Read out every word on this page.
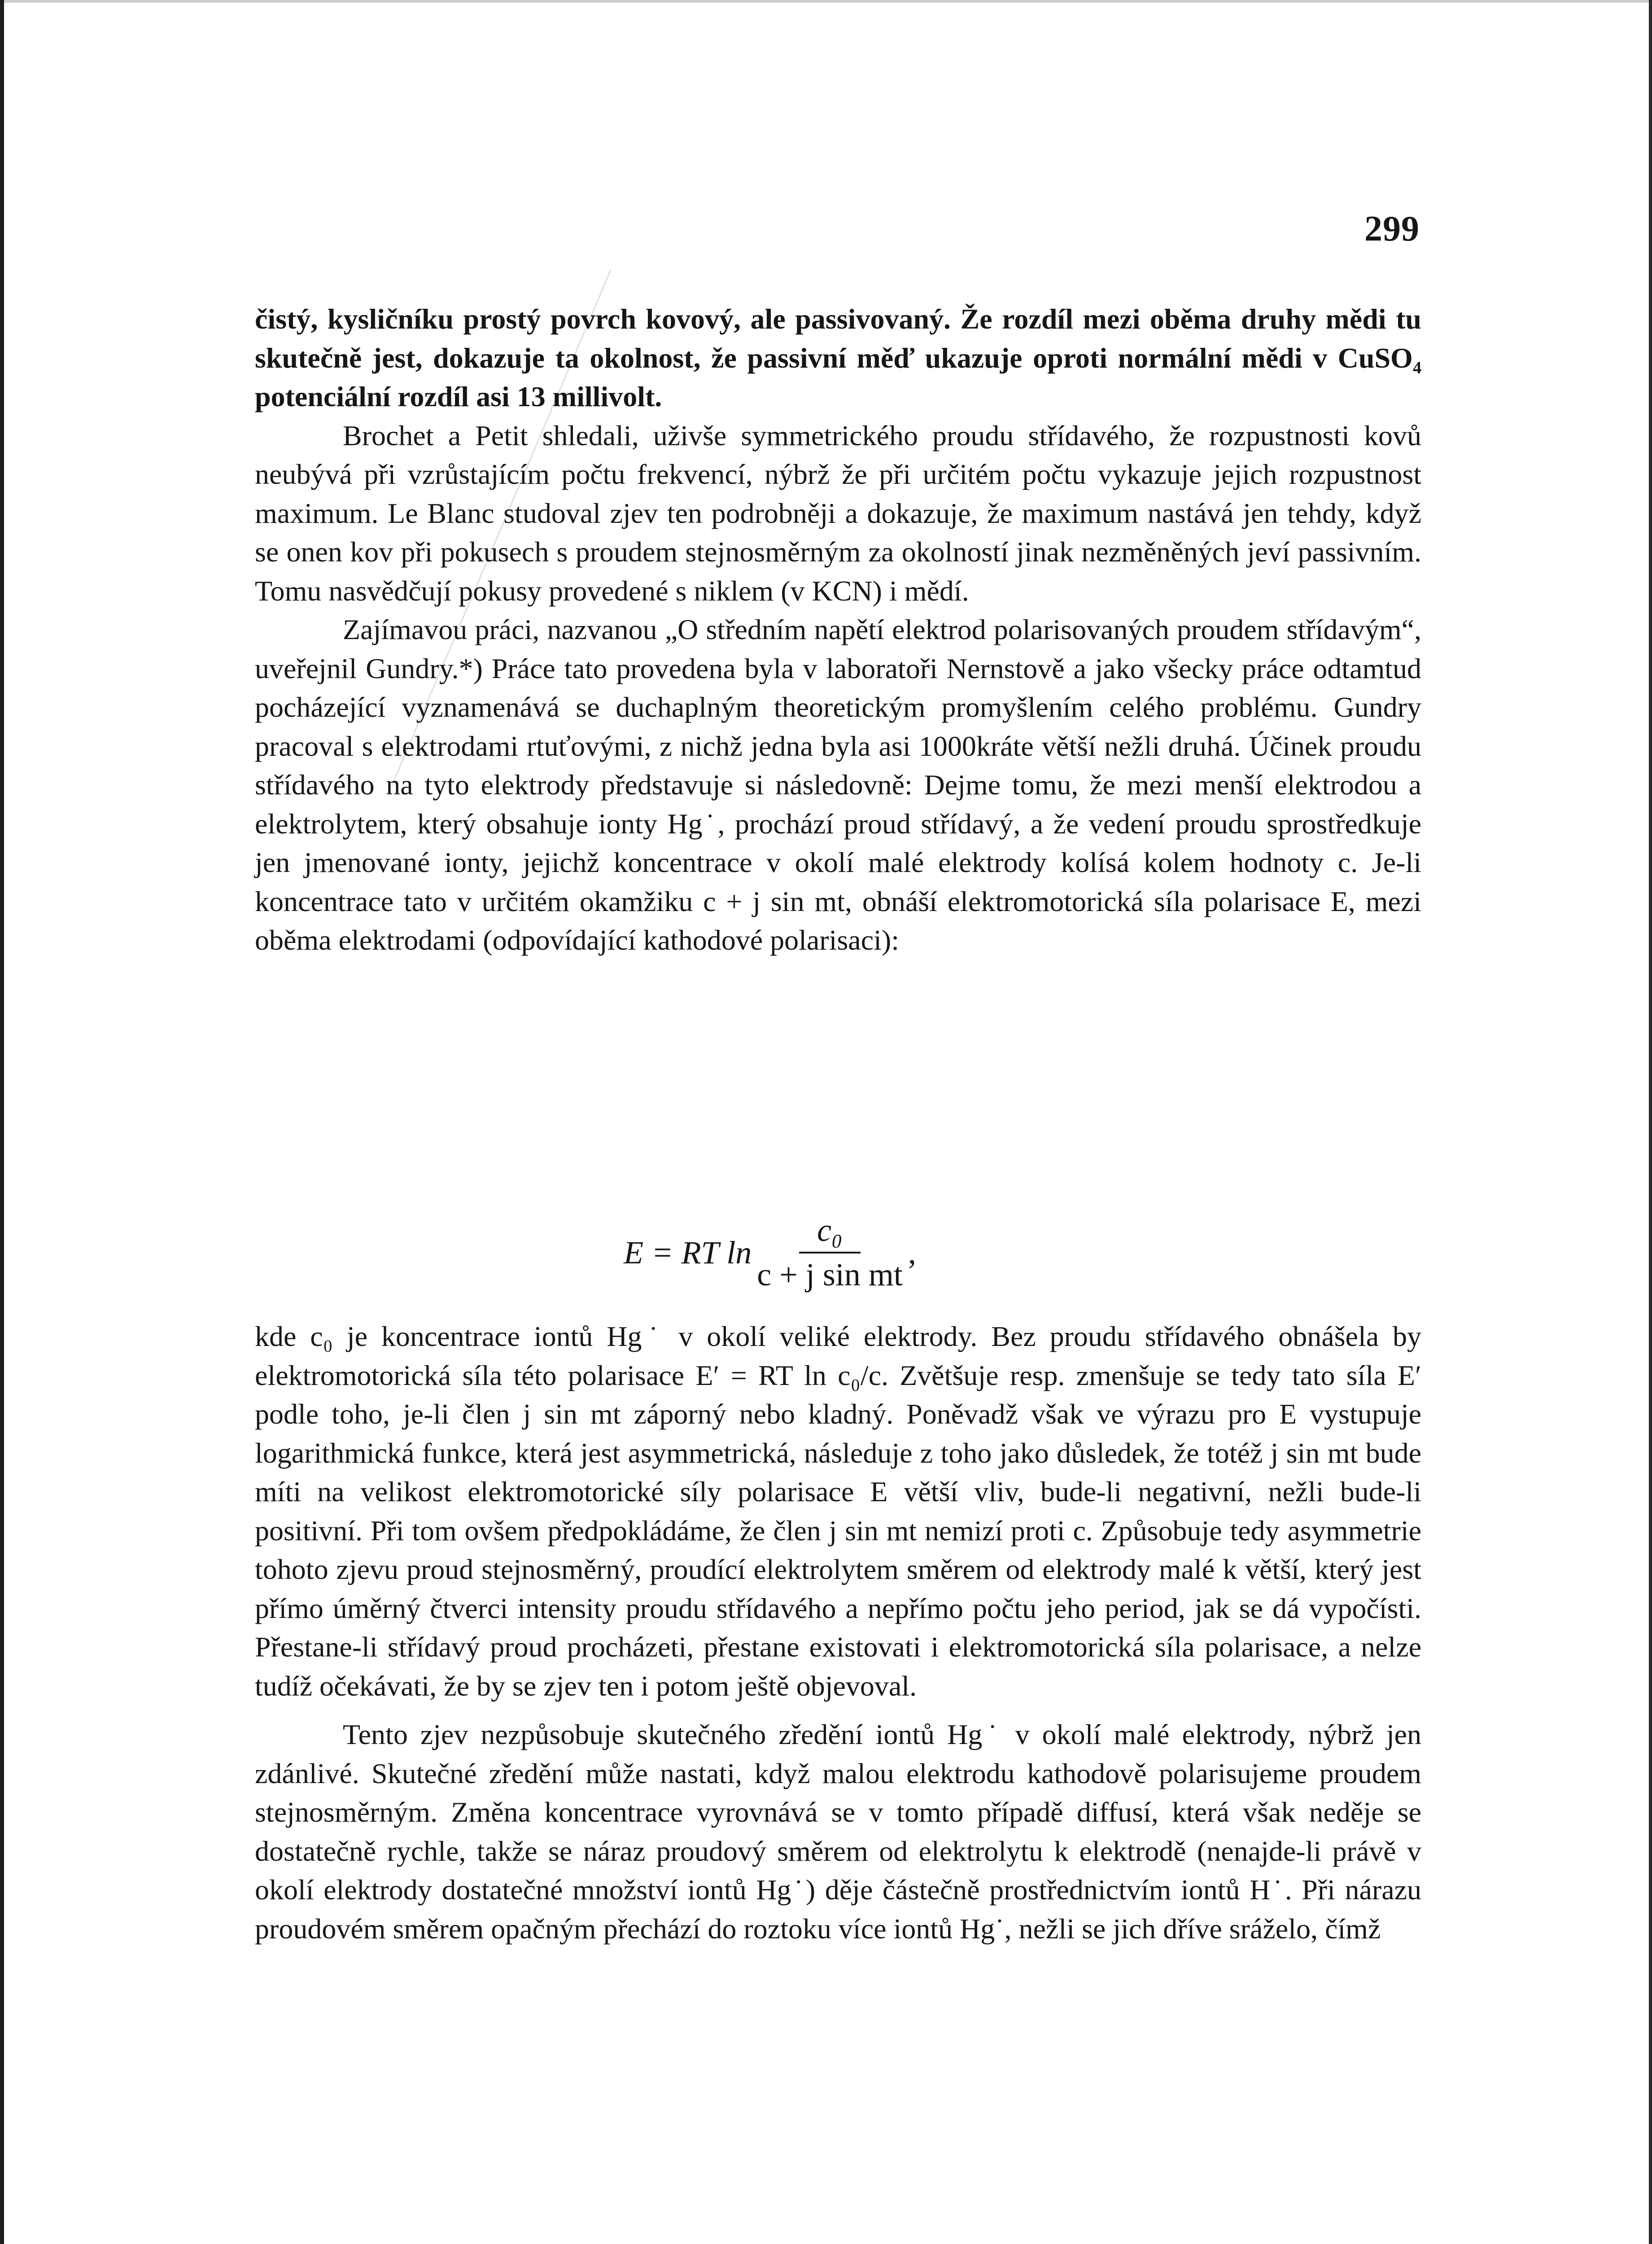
299

čistý, kysličníku prostý povrch kovový, ale passivovaný. Že rozdíl mezi oběma druhy mědi tu skutečně jest, dokazuje ta okolnost, že passivní měď ukazuje oproti normální mědi v CuSO₄ potenciální rozdíl asi 13 millivolt.

Brochet a Petit shledali, uživše symmetrického proudu střídavého, že rozpustnosti kovů neubývá při vzrůstajícím počtu frekvencí, nýbrž že při určitém počtu vykazuje jejich rozpustnost maximum. Le Blanc studoval zjev ten podrobněji a dokazuje, že maximum nastává jen tehdy, když se onen kov při pokusech s proudem stejnosměrným za okolností jinak nezměněných jeví passivním. Tomu nasvědčují pokusy provedené s niklem (v KCN) i mědí.

Zajímavou práci, nazvanou „O středním napětí elektrod polarisovaných proudem střídavým“, uveřejnil Gundry.*) Práce tato provedena byla v laboratoři Nernstově a jako všecky práce odtamtud pocházející vyznamenává se duchaplným theoretickým promyšlením celého problému. Gundry pracoval s elektrodami rtuťovými, z nichž jedna byla asi 1000kráte větší nežli druhá. Účinek proudu střídavého na tyto elektrody představuje si následovně: Dejme tomu, že mezi menší elektrodou a elektrolytem, který obsahuje ionty Hg˙, prochází proud střídavý, a že vedení proudu sprostředkuje jen jmenované ionty, jejichž koncentrace v okolí malé elektrody kolísá kolem hodnoty c. Je-li koncentrace tato v určitém okamžiku c + j sin mt, obnáší elektromotorická síla polarisace E, mezi oběma elektrodami (odpovídající kathodové polarisaci):

E = RT $\ln \frac{\text{c₀}}{\text{c + j sin mt}}$ ,

kde c₀ je koncentrace iontů Hg˙ v okolí veliké elektrody. Bez proudu střídavého obnášela by elektromotorická síla této polarisace E′ = RT ln c₀/c. Zvětšuje resp. zmenšuje se tedy tato síla E′ podle toho, je-li člen j sin mt záporný nebo kladný. Poněvadž však ve výrazu pro E vystupuje logarithmická funkce, která jest asymmetrická, následuje z toho jako důsledek, že totéž j sin mt bude míti na velikost elektromotorické síly polarisace E větší vliv, bude-li negativní, nežli bude-li positivní. Při tom ovšem předpokládáme, že člen j sin mt nemizí proti c. Způsobuje tedy asymmetrie tohoto zjevu proud stejnosměrný, proudící elektrolytem směrem od elektrody malé k větší, který jest přímo úměrný čtverci intensity proudu střídavého a nepřímo počtu jeho period, jak se dá vypočísti. Přestane-li střídavý proud procházeti, přestane existovati i elektromotorická síla polarisace, a nelze tudíž očekávati, že by se zjev ten i potom ještě objevoval.

Tento zjev nezpůsobuje skutečného zředění iontů Hg˙ v okolí malé elektrody, nýbrž jen zdánlivé. Skutečné zředění může nastati, když malou elektrodu kathodově polarisujeme proudem stejnosměrným. Změna koncentrace vyrovnává se v tomto případě diffusí, která však neděje se dostatečně rychle, takže se náraz proudový směrem od elektrolytu k elektrodě (nenajde-li právě v okolí elektrody dostatečné množství iontů Hg˙) děje částečně prostřednictvím iontů H˙. Při nárazu proudovém směrem opačným přechází do roztoku více iontů Hg˙, nežli se jich dříve sráželo, čímž
